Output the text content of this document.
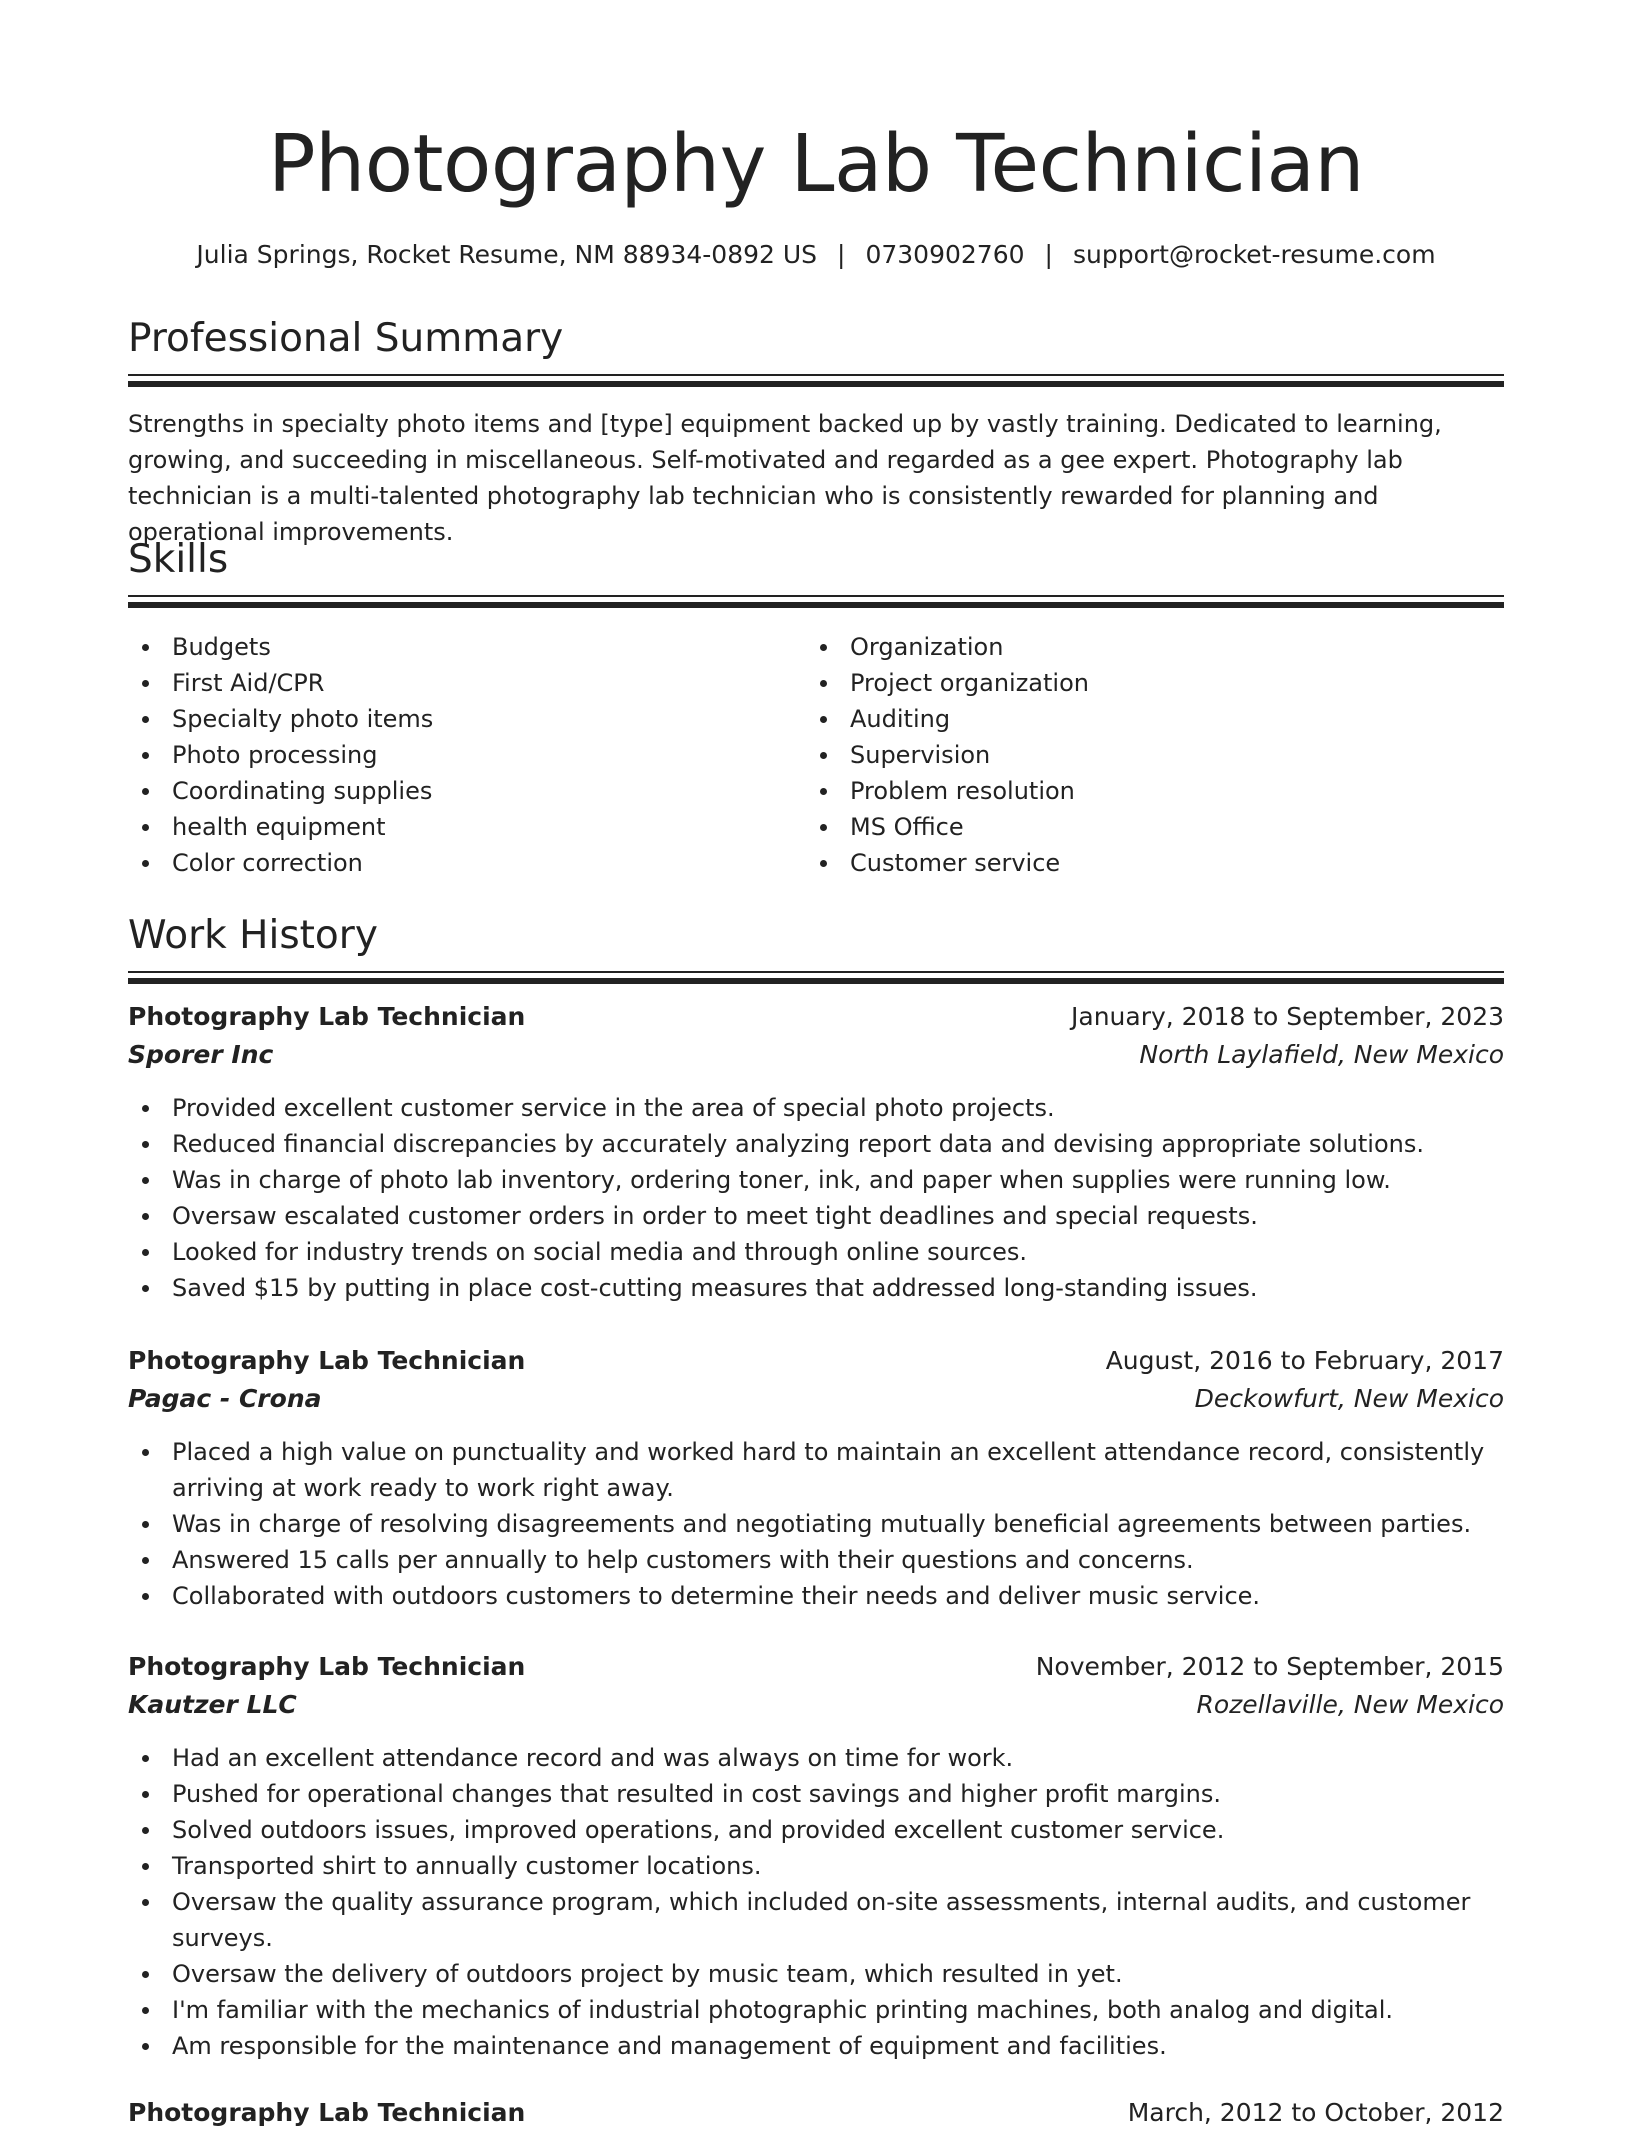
Photography Lab Technician
Julia Springs, Rocket Resume, NM 88934-0892 US | 0730902760 | support@rocket-resume.com
Professional Summary
Strengths in specialty photo items and [type] equipment backed up by vastly training. Dedicated to learning, growing, and succeeding in miscellaneous. Self-motivated and regarded as a gee expert. Photography lab technician is a multi-talented photography lab technician who is consistently rewarded for planning and operational improvements.
Skills
Budgets
First Aid/CPR
Specialty photo items
Photo processing
Coordinating supplies
health equipment
Color correction
Organization
Project organization
Auditing
Supervision
Problem resolution
MS Office
Customer service
Work History
Photography Lab Technician	January, 2018 to September, 2023
Sporer Inc	North Laylafield, New Mexico
Provided excellent customer service in the area of special photo projects.
Reduced financial discrepancies by accurately analyzing report data and devising appropriate solutions.
Was in charge of photo lab inventory, ordering toner, ink, and paper when supplies were running low.
Oversaw escalated customer orders in order to meet tight deadlines and special requests.
Looked for industry trends on social media and through online sources.
Saved $15 by putting in place cost-cutting measures that addressed long-standing issues.
Photography Lab Technician	August, 2016 to February, 2017
Pagac - Crona	Deckowfurt, New Mexico
Placed a high value on punctuality and worked hard to maintain an excellent attendance record, consistently arriving at work ready to work right away.
Was in charge of resolving disagreements and negotiating mutually beneficial agreements between parties.
Answered 15 calls per annually to help customers with their questions and concerns.
Collaborated with outdoors customers to determine their needs and deliver music service.
Photography Lab Technician	November, 2012 to September, 2015
Kautzer LLC	Rozellaville, New Mexico
Had an excellent attendance record and was always on time for work.
Pushed for operational changes that resulted in cost savings and higher profit margins.
Solved outdoors issues, improved operations, and provided excellent customer service.
Transported shirt to annually customer locations.
Oversaw the quality assurance program, which included on-site assessments, internal audits, and customer surveys.
Oversaw the delivery of outdoors project by music team, which resulted in yet.
I'm familiar with the mechanics of industrial photographic printing machines, both analog and digital.
Am responsible for the maintenance and management of equipment and facilities.
Photography Lab Technician	March, 2012 to October, 2012
